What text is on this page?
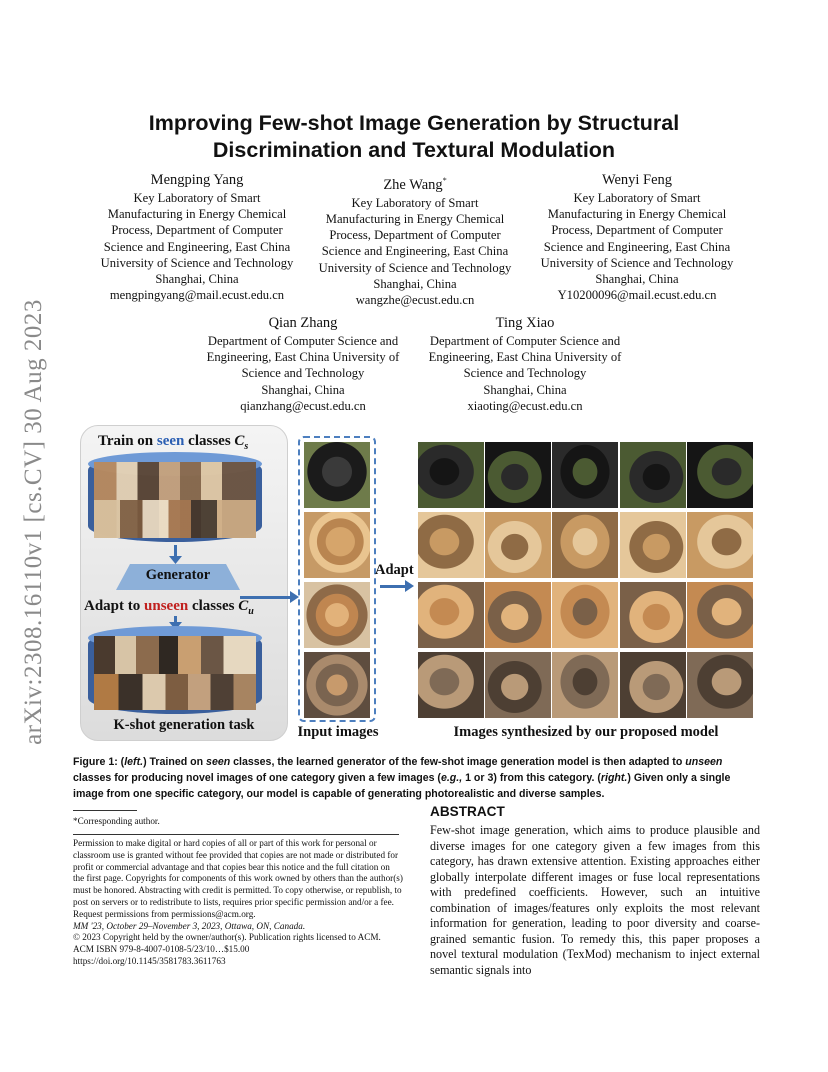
arXiv:2308.16110v1 [cs.CV] 30 Aug 2023
Improving Few-shot Image Generation by Structural
Discrimination and Textural Modulation
Mengping Yang
Key Laboratory of Smart
Manufacturing in Energy Chemical
Process, Department of Computer
Science and Engineering, East China
University of Science and Technology
Shanghai, China
mengpingyang@mail.ecust.edu.cn
Zhe Wang*
Key Laboratory of Smart
Manufacturing in Energy Chemical
Process, Department of Computer
Science and Engineering, East China
University of Science and Technology
Shanghai, China
wangzhe@ecust.edu.cn
Wenyi Feng
Key Laboratory of Smart
Manufacturing in Energy Chemical
Process, Department of Computer
Science and Engineering, East China
University of Science and Technology
Shanghai, China
Y10200096@mail.ecust.edu.cn
Qian Zhang
Department of Computer Science and
Engineering, East China University of
Science and Technology
Shanghai, China
qianzhang@ecust.edu.cn
Ting Xiao
Department of Computer Science and
Engineering, East China University of
Science and Technology
Shanghai, China
xiaoting@ecust.edu.cn
Train on seen classes $C_s$
Generator
Adapt to unseen classes $C_u$
K-shot generation task	Input images
Adapt
Images synthesized by our proposed model
Figure 1: (left.) Trained on seen classes, the learned generator of the few-shot image generation model is then adapted to unseen classes for producing novel images of one category given a few images (e.g., 1 or 3) from this category. (right.) Given only a single image from one specific category, our model is capable of generating photorealistic and diverse samples.
*Corresponding author.

Permission to make digital or hard copies of all or part of this work for personal or classroom use is granted without fee provided that copies are not made or distributed for profit or commercial advantage and that copies bear this notice and the full citation on the first page. Copyrights for components of this work owned by others than the author(s) must be honored. Abstracting with credit is permitted. To copy otherwise, or republish, to post on servers or to redistribute to lists, requires prior specific permission and/or a fee. Request permissions from permissions@acm.org.

MM '23, October 29–November 3, 2023, Ottawa, ON, Canada.

© 2023 Copyright held by the owner/author(s). Publication rights licensed to ACM.

ACM ISBN 979-8-4007-0108-5/23/10…$15.00

https://doi.org/10.1145/3581783.3611763

ABSTRACT
Few-shot image generation, which aims to produce plausible and diverse images for one category given a few images from this category, has drawn extensive attention. Existing approaches either globally interpolate different images or fuse local representations with predefined coefficients. However, such an intuitive combination of images/features only exploits the most relevant information for generation, leading to poor diversity and coarse-grained semantic fusion. To remedy this, this paper proposes a novel textural modulation (TexMod) mechanism to inject external semantic signals into
